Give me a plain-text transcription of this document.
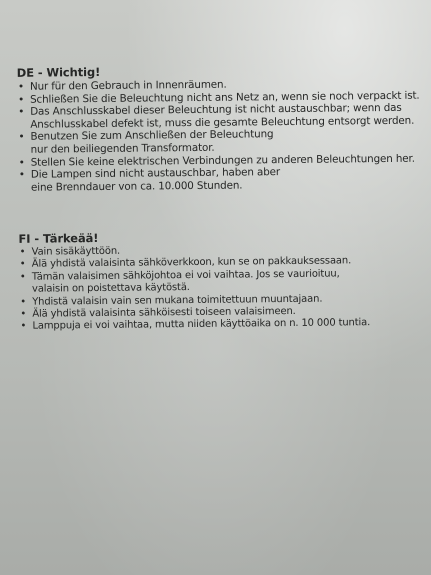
DE - Wichtig!
• Nur für den Gebrauch in Innenräumen.
• Schließen Sie die Beleuchtung nicht ans Netz an, wenn sie noch verpackt ist.
• Das Anschlusskabel dieser Beleuchtung ist nicht austauschbar; wenn das
Anschlusskabel defekt ist, muss die gesamte Beleuchtung entsorgt werden.
• Benutzen Sie zum Anschließen der Beleuchtung
nur den beiliegenden Transformator.
• Stellen Sie keine elektrischen Verbindungen zu anderen Beleuchtungen her.
• Die Lampen sind nicht austauschbar, haben aber
eine Brenndauer von ca. 10.000 Stunden.
FI - Tärkeää!
• Vain sisäkäyttöön.
• Älä yhdistä valaisinta sähköverkkoon, kun se on pakkauksessaan.
• Tämän valaisimen sähköjohtoa ei voi vaihtaa. Jos se vaurioituu,
valaisin on poistettava käytöstä.
• Yhdistä valaisin vain sen mukana toimitettuun muuntajaan.
• Älä yhdistä valaisinta sähköisesti toiseen valaisimeen.
• Lamppuja ei voi vaihtaa, mutta niiden käyttöaika on n. 10 000 tuntia.
